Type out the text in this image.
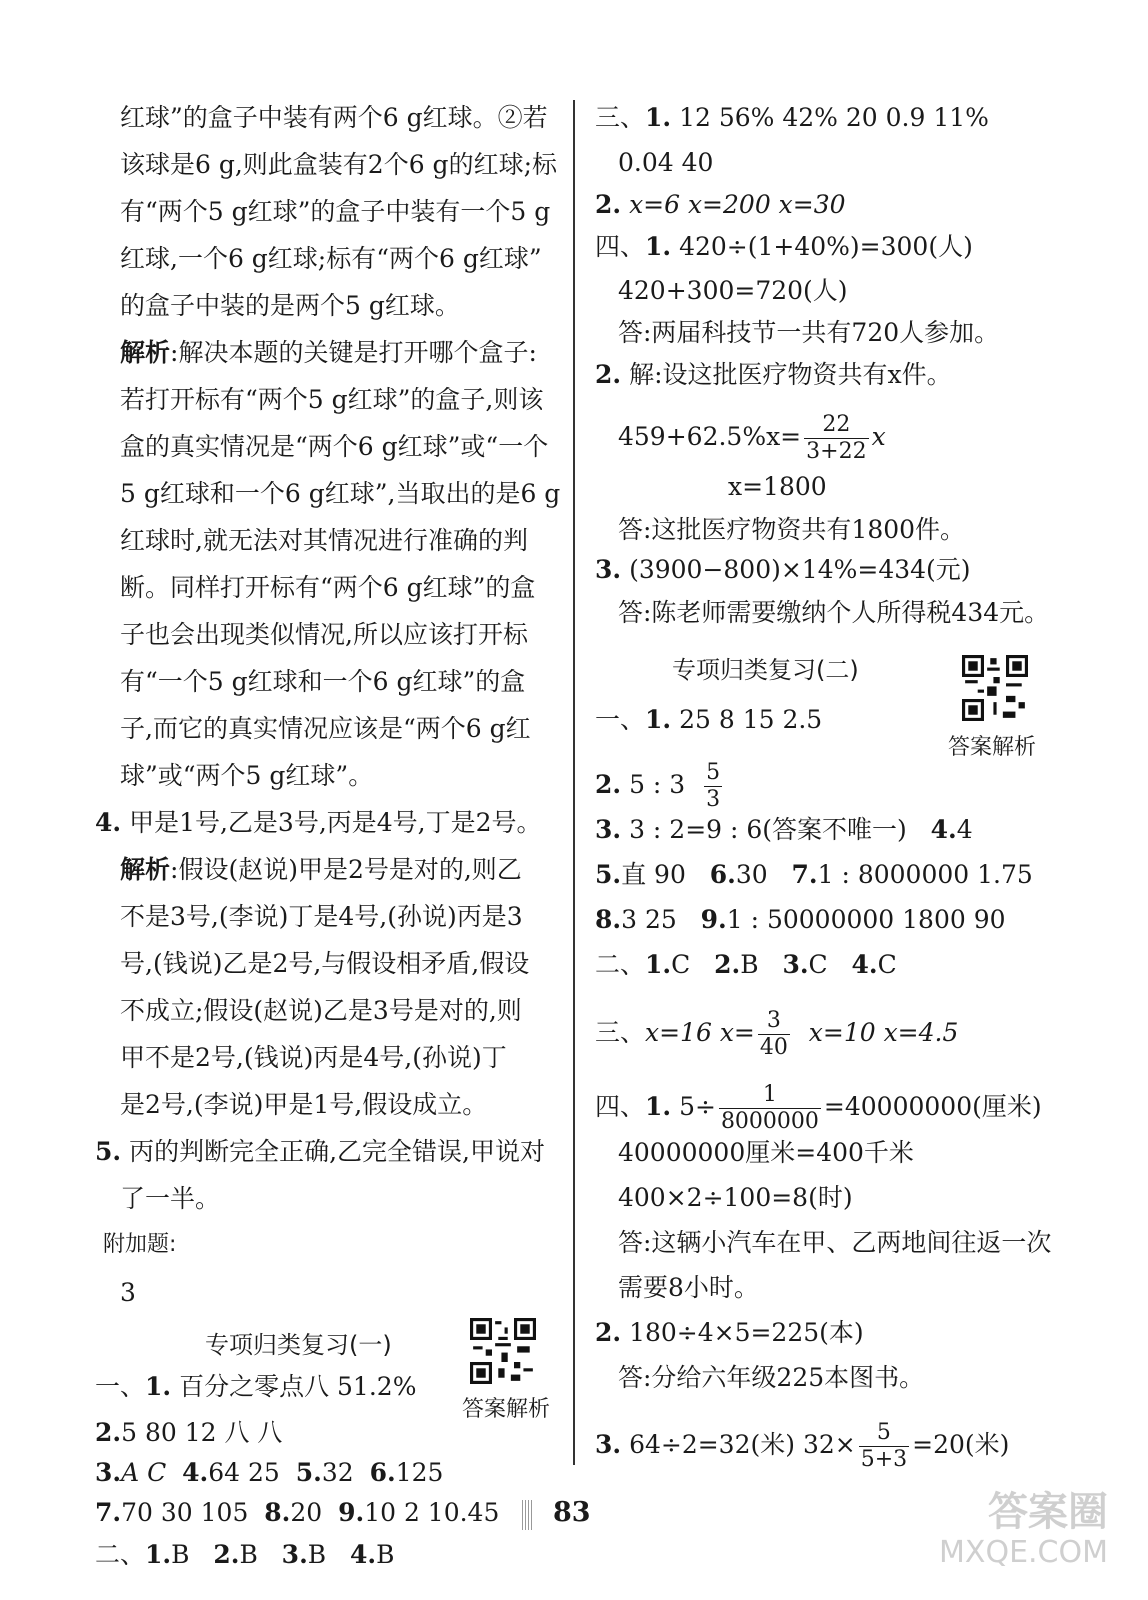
红球”的盒子中装有两个6 g红球。②若
该球是6 g,则此盒装有2个6 g的红球;标
有“两个5 g红球”的盒子中装有一个5 g
红球,一个6 g红球;标有“两个6 g红球”
的盒子中装的是两个5 g红球。
解析:解决本题的关键是打开哪个盒子:
若打开标有“两个5 g红球”的盒子,则该
盒的真实情况是“两个6 g红球”或“一个
5 g红球和一个6 g红球”,当取出的是6 g
红球时,就无法对其情况进行准确的判
断。同样打开标有“两个6 g红球”的盒
子也会出现类似情况,所以应该打开标
有“一个5 g红球和一个6 g红球”的盒
子,而它的真实情况应该是“两个6 g红
球”或“两个5 g红球”。
4. 甲是1号,乙是3号,丙是4号,丁是2号。
解析:假设(赵说)甲是2号是对的,则乙
不是3号,(李说)丁是4号,(孙说)丙是3
号,(钱说)乙是2号,与假设相矛盾,假设
不成立;假设(赵说)乙是3号是对的,则
甲不是2号,(钱说)丙是4号,(孙说)丁
是2号,(李说)甲是1号,假设成立。
5. 丙的判断完全正确,乙完全错误,甲说对
了一半。
附加题:
3
专项归类复习(一)
答案解析
一、1. 百分之零点八 51.2%
2.5 80 12 八 八
3.A C 4.64 25 5.32 6.125
7.70 30 105 8.20 9.10 2 10.45
二、1.B 2.B 3.B 4.B
三、1. 12 56% 42% 20 0.9 11%
0.04 40
2. x=6 x=200 x=30
四、1. 420÷(1+40%)=300(人)
420+300=720(人)
答:两届科技节一共有720人参加。
2. 解:设这批医疗物资共有x件。
$459+62.5\%x= \frac{22}{3+22}$ x
x=1800
答:这批医疗物资共有1800件。
3. (3900−800)×14%=434(元)
答:陈老师需要缴纳个人所得税434元。
专项归类复习(二)
答案解析
一、1. 25 8 15 2.5
2. 5 : $3 \frac{5}{3}$
3. 3 : 2=9 : 6(答案不唯一) 4.4
5.直 90 6.30 7.1 : 8000000 1.75
8.3 25 9.1 : 50000000 1800 90
二、1.C 2.B 3.C 4.C
三、x=16 $x= \frac{3}{40} x=10$ x=4.5
四、1. $5\div \frac{1}{8000000} =40000000$(厘米)
40000000厘米=400千米
400×2÷100=8(时)
答:这辆小汽车在甲、乙两地间往返一次
需要8小时。
2. 180÷4×5=225(本)
答:分给六年级225本图书。
3. 64÷2=32(米) $32\times \frac{5}{5+3} =20$(米)
83	答案圈
MXQE.COM
